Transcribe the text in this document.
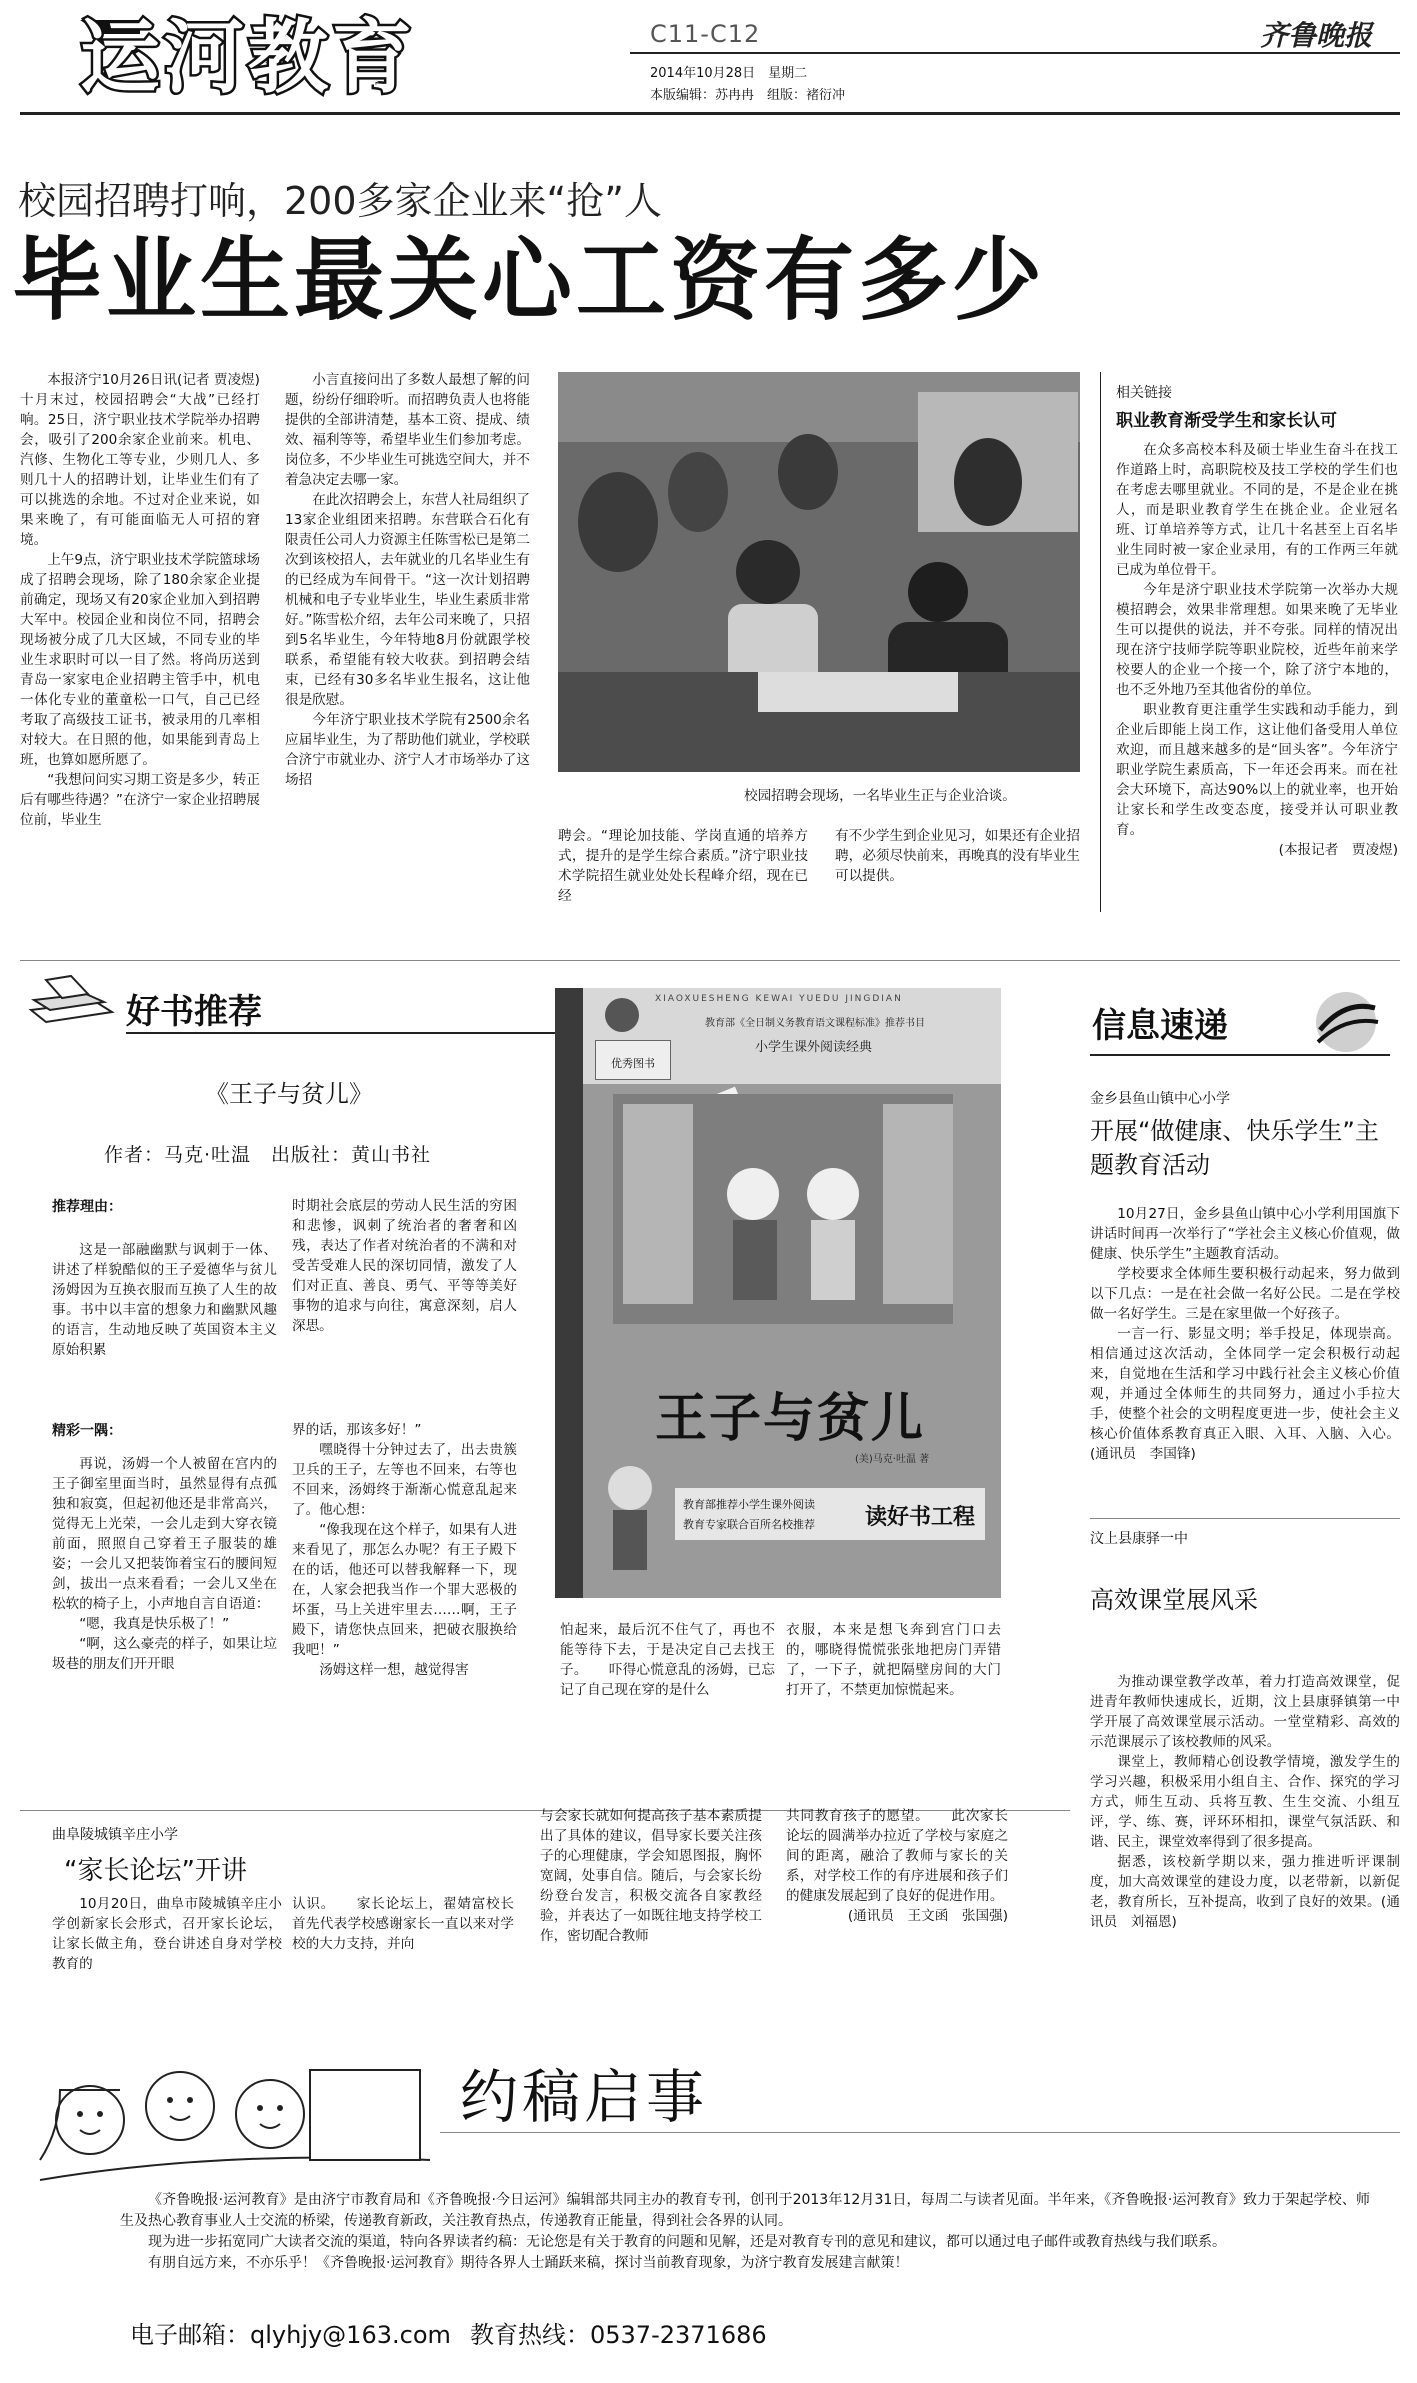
运河教育	C11-C12
2014年10月28日　星期二
本版编辑：苏冉冉　组版：褚衍冲
齐鲁晚报
校园招聘打响，200多家企业来“抢”人
毕业生最关心工资有多少

本报济宁10月26日讯(记者 贾凌煜)　十月末过，校园招聘会“大战”已经打响。25日，济宁职业技术学院举办招聘会，吸引了200余家企业前来。机电、汽修、生物化工等专业，少则几人、多则几十人的招聘计划，让毕业生们有了可以挑选的余地。不过对企业来说，如果来晚了，有可能面临无人可招的窘境。

上午9点，济宁职业技术学院篮球场成了招聘会现场，除了180余家企业提前确定，现场又有20家企业加入到招聘大军中。校园企业和岗位不同，招聘会现场被分成了几大区域，不同专业的毕业生求职时可以一目了然。将尚历送到青岛一家家电企业招聘主管手中，机电一体化专业的董童松一口气，自己已经考取了高级技工证书，被录用的几率相对较大。在日照的他，如果能到青岛上班，也算如愿所愿了。

“我想问问实习期工资是多少，转正后有哪些待遇？”在济宁一家企业招聘展位前，毕业生

小言直接问出了多数人最想了解的问题，纷纷仔细聆听。而招聘负责人也将能提供的全部讲清楚，基本工资、提成、绩效、福利等等，希望毕业生们参加考虑。岗位多，不少毕业生可挑选空间大，并不着急决定去哪一家。

在此次招聘会上，东营人社局组织了13家企业组团来招聘。东营联合石化有限责任公司人力资源主任陈雪松已是第二次到该校招人，去年就业的几名毕业生有的已经成为车间骨干。“这一次计划招聘机械和电子专业毕业生，毕业生素质非常好。”陈雪松介绍，去年公司来晚了，只招到5名毕业生，今年特地8月份就跟学校联系，希望能有较大收获。到招聘会结束，已经有30多名毕业生报名，这让他很是欣慰。

今年济宁职业技术学院有2500余名应届毕业生，为了帮助他们就业，学校联合济宁市就业办、济宁人才市场举办了这场招

校园招聘会现场，一名毕业生正与企业洽谈。

聘会。“理论加技能、学岗直通的培养方式，提升的是学生综合素质。”济宁职业技术学院招生就业处处长程峰介绍，现在已经

有不少学生到企业见习，如果还有企业招聘，必须尽快前来，再晚真的没有毕业生可以提供。

相关链接
职业教育渐受学生和家长认可

在众多高校本科及硕士毕业生奋斗在找工作道路上时，高职院校及技工学校的学生们也在考虑去哪里就业。不同的是，不是企业在挑人，而是职业教育学生在挑企业。企业冠名班、订单培养等方式，让几十名甚至上百名毕业生同时被一家企业录用，有的工作两三年就已成为单位骨干。

今年是济宁职业技术学院第一次举办大规模招聘会，效果非常理想。如果来晚了无毕业生可以提供的说法，并不夸张。同样的情况出现在济宁技师学院等职业院校，近些年前来学校要人的企业一个接一个，除了济宁本地的，也不乏外地乃至其他省份的单位。

职业教育更注重学生实践和动手能力，到企业后即能上岗工作，这让他们备受用人单位欢迎，而且越来越多的是“回头客”。今年济宁职业学院生素质高，下一年还会再来。而在社会大环境下，高达90%以上的就业率，也开始让家长和学生改变态度，接受并认可职业教育。

(本报记者　贾凌煜)

好书推荐
《王子与贫儿》
作者：马克·吐温　出版社：黄山书社
推荐理由：

这是一部融幽默与讽刺于一体、讲述了样貌酷似的王子爱德华与贫儿汤姆因为互换衣服而互换了人生的故事。书中以丰富的想象力和幽默风趣的语言，生动地反映了英国资本主义原始积累

时期社会底层的劳动人民生活的穷困和悲惨，讽刺了统治者的奢奢和凶残，表达了作者对统治者的不满和对受苦受难人民的深切同情，激发了人们对正直、善良、勇气、平等等美好事物的追求与向往，寓意深刻，启人深思。

精彩一隅：

再说，汤姆一个人被留在宫内的王子御室里面当时，虽然显得有点孤独和寂寞，但起初他还是非常高兴，觉得无上光荣，一会儿走到大穿衣镜前面，照照自己穿着王子服装的雄姿；一会儿又把装饰着宝石的腰间短剑，拔出一点来看看；一会儿又坐在松软的椅子上，小声地自言自语道：

“嗯，我真是快乐极了！”

“啊，这么豪壳的样子，如果让垃圾巷的朋友们开开眼

界的话，那该多好！”

嘿晓得十分钟过去了，出去贵簇卫兵的王子，左等也不回来，右等也不回来，汤姆终于渐渐心慌意乱起来了。他心想：

“像我现在这个样子，如果有人进来看见了，那怎么办呢？有王子殿下在的话，他还可以替我解释一下，现在，人家会把我当作一个罪大恶极的坏蛋，马上关进牢里去……啊，王子殿下，请您快点回来，把破衣服换给我吧！”

汤姆这样一想，越觉得害

怕起来，最后沉不住气了，再也不能等待下去，于是决定自己去找王子。　　吓得心慌意乱的汤姆，已忘记了自己现在穿的是什么

衣服，本来是想飞奔到宫门口去的，哪晓得慌慌张张地把房门弄错了，一下子，就把隔壁房间的大门打开了，不禁更加惊慌起来。

XIAOXUESHENG KEWAI YUEDU JINGDIAN
教育部《全日制义务教育语文课程标准》推荐书目
小学生课外阅读经典
优秀图书
王子与贫儿
(美)马克·吐温 著
教育部推荐小学生课外阅读
教育专家联合百所名校推荐 读好书工程
信息速递
金乡县鱼山镇中心小学
开展“做健康、快乐学生”主题教育活动

10月27日，金乡县鱼山镇中心小学利用国旗下讲话时间再一次举行了“学社会主义核心价值观，做健康、快乐学生”主题教育活动。

学校要求全体师生要积极行动起来，努力做到以下几点：一是在社会做一名好公民。二是在学校做一名好学生。三是在家里做一个好孩子。

一言一行、影显文明；举手投足，体现崇高。相信通过这次活动，全体同学一定会积极行动起来，自觉地在生活和学习中践行社会主义核心价值观，并通过全体师生的共同努力，通过小手拉大手，使整个社会的文明程度更进一步，使社会主义核心价值体系教育真正入眼、入耳、入脑、入心。(通讯员　李国锋)

汶上县康驿一中
高效课堂展风采

为推动课堂教学改革，着力打造高效课堂，促进青年教师快速成长，近期，汶上县康驿镇第一中学开展了高效课堂展示活动。一堂堂精彩、高效的示范课展示了该校教师的风采。

课堂上，教师精心创设教学情境，激发学生的学习兴趣，积极采用小组自主、合作、探究的学习方式，师生互动、兵将互教、生生交流、小组互评，学、练、赛，评环环相扣，课堂气氛活跃、和谐、民主，课堂效率得到了很多提高。

据悉，该校新学期以来，强力推进听评课制度，加大高效课堂的建设力度，以老带新，以新促老，教育所长，互补提高，收到了良好的效果。(通讯员　刘福恩)

曲阜陵城镇辛庄小学
“家长论坛”开讲

10月20日，曲阜市陵城镇辛庄小学创新家长会形式，召开家长论坛，让家长做主角，登台讲述自身对学校教育的

认识。　　家长论坛上，翟婧富校长首先代表学校感谢家长一直以来对学校的大力支持，并向

与会家长就如何提高孩子基本素质提出了具体的建议，倡导家长要关注孩子的心理健康，学会知恩图报，胸怀宽阔，处事自信。随后，与会家长纷纷登台发言，积极交流各自家教经验，并表达了一如既往地支持学校工作，密切配合教师

共同教育孩子的愿望。　　此次家长论坛的圆满举办拉近了学校与家庭之间的距离，融洽了教师与家长的关系，对学校工作的有序进展和孩子们的健康发展起到了良好的促进作用。

(通讯员　王文函　张国强)

约稿启事

《齐鲁晚报·运河教育》是由济宁市教育局和《齐鲁晚报·今日运河》编辑部共同主办的教育专刊，创刊于2013年12月31日，每周二与读者见面。半年来，《齐鲁晚报·运河教育》致力于架起学校、师生及热心教育事业人士交流的桥梁，传递教育新政，关注教育热点，传递教育正能量，得到社会各界的认同。

现为进一步拓宽同广大读者交流的渠道，特向各界读者约稿：无论您是有关于教育的问题和见解，还是对教育专刊的意见和建议，都可以通过电子邮件或教育热线与我们联系。

有朋自远方来，不亦乐乎！《齐鲁晚报·运河教育》期待各界人士踊跃来稿，探讨当前教育现象，为济宁教育发展建言献策！

电子邮箱：qlyhjy@163.com 教育热线：0537-2371686
